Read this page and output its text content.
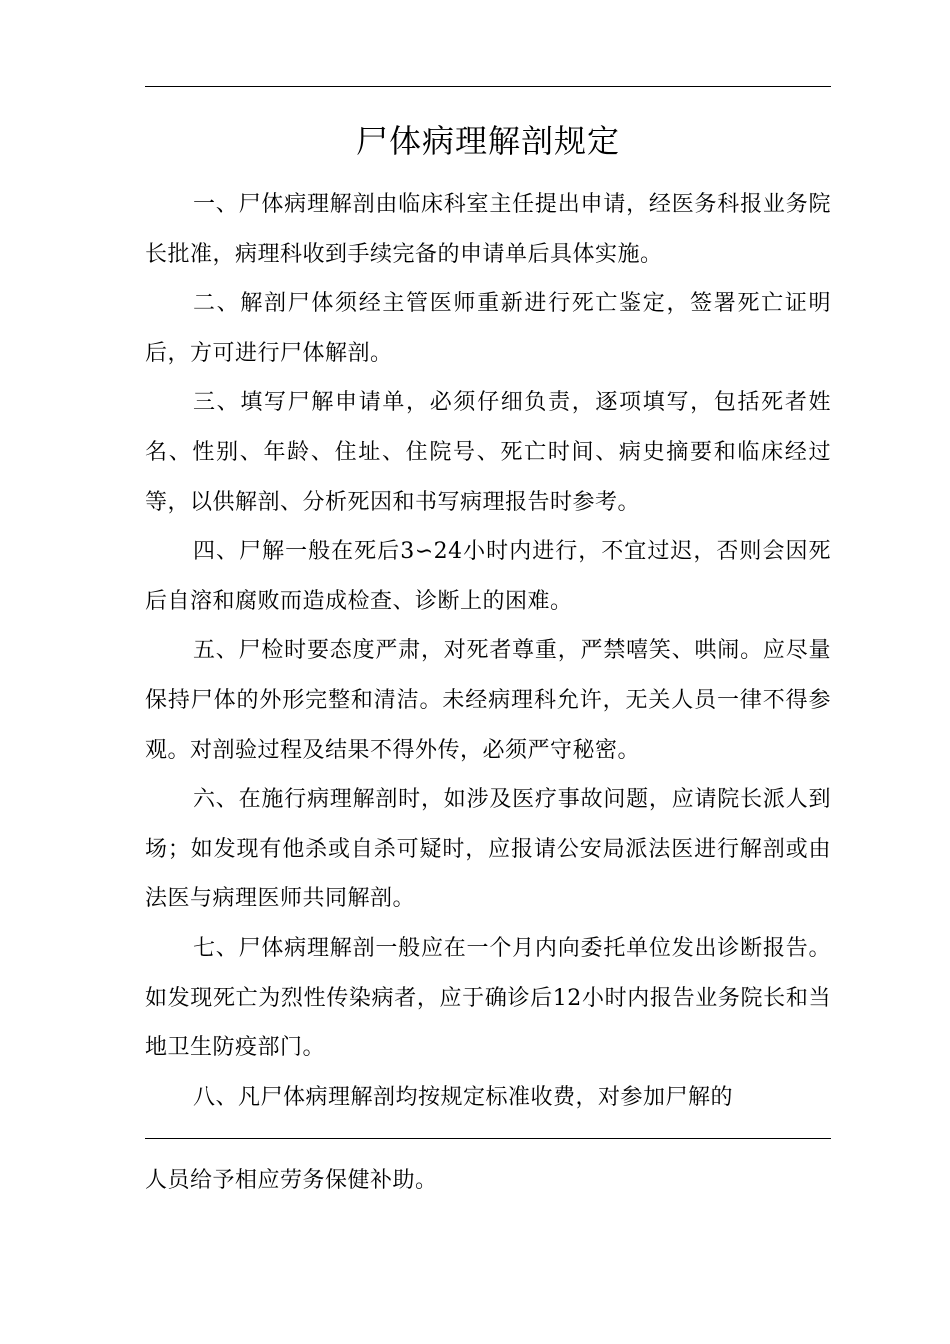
尸体病理解剖规定

一、尸体病理解剖由临床科室主任提出申请，经医务科报业务院长批准，病理科收到手续完备的申请单后具体实施。

二、解剖尸体须经主管医师重新进行死亡鉴定，签署死亡证明后，方可进行尸体解剖。

三、填写尸解申请单，必须仔细负责，逐项填写，包括死者姓名、性别、年龄、住址、住院号、死亡时间、病史摘要和临床经过等，以供解剖、分析死因和书写病理报告时参考。

四、尸解一般在死后3∽24小时内进行，不宜过迟，否则会因死后自溶和腐败而造成检查、诊断上的困难。

五、尸检时要态度严肃，对死者尊重，严禁嘻笑、哄闹。应尽量保持尸体的外形完整和清洁。未经病理科允许，无关人员一律不得参观。对剖验过程及结果不得外传，必须严守秘密。

六、在施行病理解剖时，如涉及医疗事故问题，应请院长派人到场；如发现有他杀或自杀可疑时，应报请公安局派法医进行解剖或由法医与病理医师共同解剖。

七、尸体病理解剖一般应在一个月内向委托单位发出诊断报告。如发现死亡为烈性传染病者，应于确诊后12小时内报告业务院长和当地卫生防疫部门。

八、凡尸体病理解剖均按规定标准收费，对参加尸解的

人员给予相应劳务保健补助。
